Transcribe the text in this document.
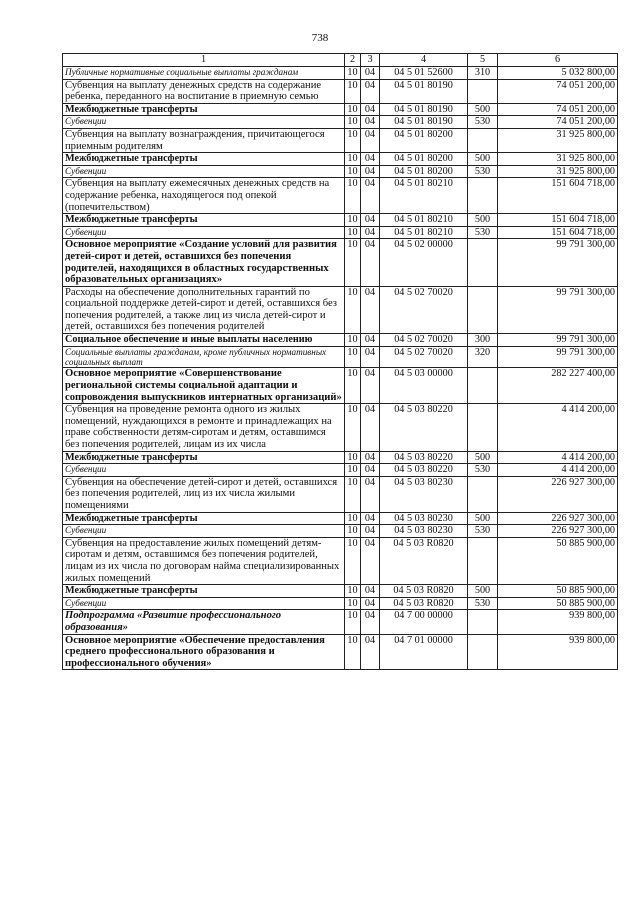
738
1	2	3	4	5	6
Публичные нормативные социальные выплаты гражданам	10	04	04 5 01 52600	310	5 032 800,00
Субвенция на выплату денежных средств на содержание ребенка, переданного на воспитание в приемную семью	10	04	04 5 01 80190		74 051 200,00
Межбюджетные трансферты	10	04	04 5 01 80190	500	74 051 200,00
Субвенции	10	04	04 5 01 80190	530	74 051 200,00
Субвенция на выплату вознаграждения, причитающегося приемным родителям	10	04	04 5 01 80200		31 925 800,00
Межбюджетные трансферты	10	04	04 5 01 80200	500	31 925 800,00
Субвенции	10	04	04 5 01 80200	530	31 925 800,00
Субвенция на выплату ежемесячных денежных средств на содержание ребенка, находящегося под опекой (попечительством)	10	04	04 5 01 80210		151 604 718,00
Межбюджетные трансферты	10	04	04 5 01 80210	500	151 604 718,00
Субвенции	10	04	04 5 01 80210	530	151 604 718,00
Основное мероприятие «Создание условий для развития детей-сирот и детей, оставшихся без попечения родителей, находящихся в областных государственных образовательных организациях»	10	04	04 5 02 00000		99 791 300,00
Расходы на обеспечение дополнительных гарантий по социальной поддержке детей-сирот и детей, оставшихся без попечения родителей, а также лиц из числа детей-сирот и детей, оставшихся без попечения родителей	10	04	04 5 02 70020		99 791 300,00
Социальное обеспечение и иные выплаты населению	10	04	04 5 02 70020	300	99 791 300,00
Социальные выплаты гражданам, кроме публичных нормативных социальных выплат	10	04	04 5 02 70020	320	99 791 300,00
Основное мероприятие «Совершенствование региональной системы социальной адаптации и сопровождения выпускников интернатных организаций»	10	04	04 5 03 00000		282 227 400,00
Субвенция на проведение ремонта одного из жилых помещений, нуждающихся в ремонте и принадлежащих на праве собственности детям-сиротам и детям, оставшимся без попечения родителей, лицам из их числа	10	04	04 5 03 80220		4 414 200,00
Межбюджетные трансферты	10	04	04 5 03 80220	500	4 414 200,00
Субвенции	10	04	04 5 03 80220	530	4 414 200,00
Субвенция на обеспечение детей-сирот и детей, оставшихся без попечения родителей, лиц из их числа жилыми помещениями	10	04	04 5 03 80230		226 927 300,00
Межбюджетные трансферты	10	04	04 5 03 80230	500	226 927 300,00
Субвенции	10	04	04 5 03 80230	530	226 927 300,00
Субвенция на предоставление жилых помещений детям-сиротам и детям, оставшимся без попечения родителей, лицам из их числа по договорам найма специализированных жилых помещений	10	04	04 5 03 R0820		50 885 900,00
Межбюджетные трансферты	10	04	04 5 03 R0820	500	50 885 900,00
Субвенции	10	04	04 5 03 R0820	530	50 885 900,00
Подпрограмма «Развитие профессионального образования»	10	04	04 7 00 00000		939 800,00
Основное мероприятие «Обеспечение предоставления среднего профессионального образования и профессионального обучения»	10	04	04 7 01 00000		939 800,00
